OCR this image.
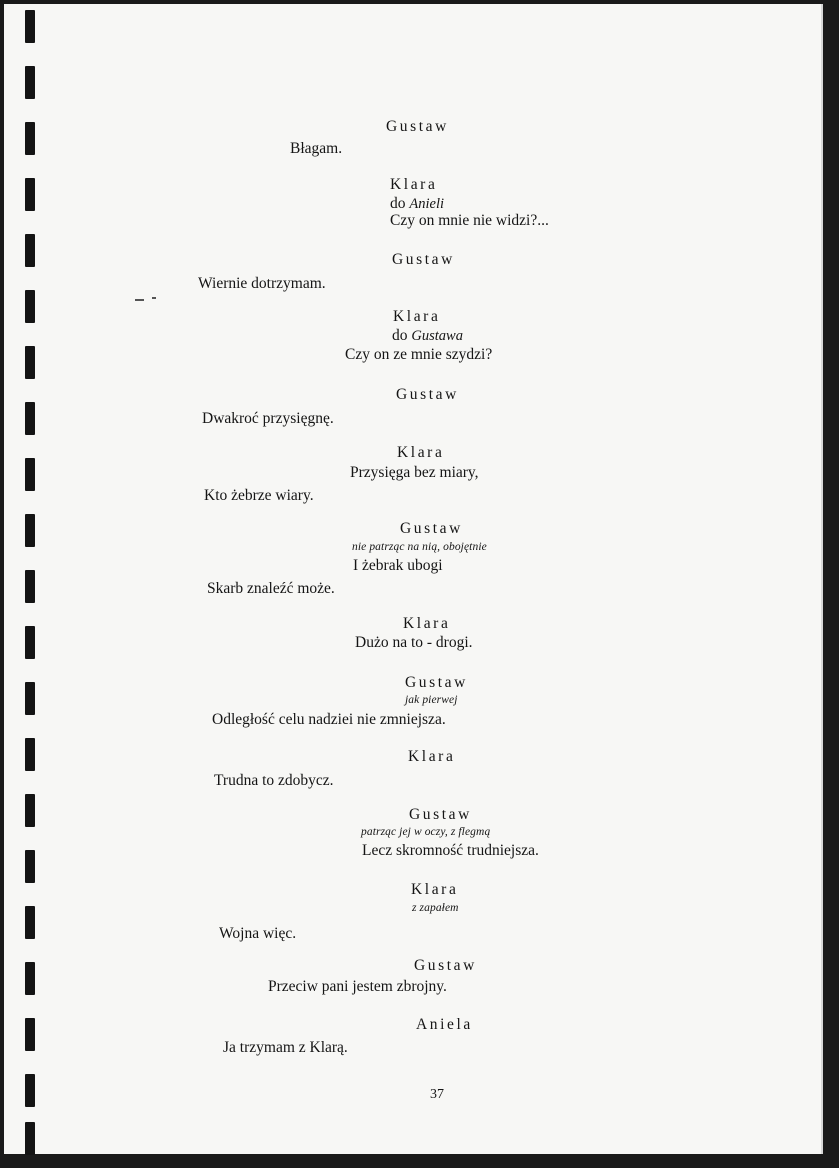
Gustaw
Błagam.
Klara
do Anieli
Czy on mnie nie widzi?...
Gustaw
Wiernie dotrzymam.
Klara
do Gustawa
Czy on ze mnie szydzi?
Gustaw
Dwakroć przysięgnę.
Klara
Przysięga bez miary,
Kto żebrze wiary.
Gustaw
nie patrząc na nią, obojętnie
I żebrak ubogi
Skarb znaleźć może.
Klara
Dużo na to - drogi.
Gustaw
jak pierwej
Odległość celu nadziei nie zmniejsza.
Klara
Trudna to zdobycz.
Gustaw
patrząc jej w oczy, z flegmą
Lecz skromność trudniejsza.
Klara
z zapałem
Wojna więc.
Gustaw
Przeciw pani jestem zbrojny.
Aniela
Ja trzymam z Klarą.
37
